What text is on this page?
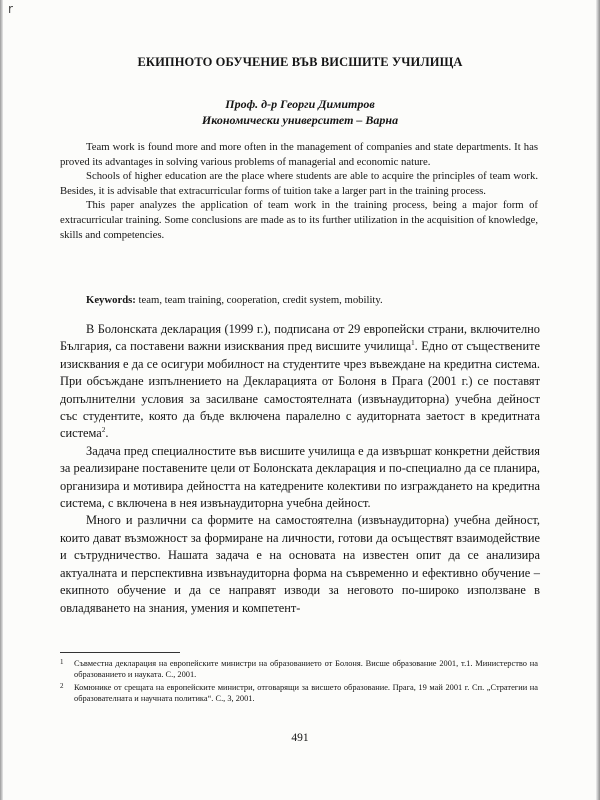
r
ЕКИПНОТО ОБУЧЕНИЕ ВЪВ ВИСШИТЕ УЧИЛИЩА
Проф. д-р Георги Димитров
Икономически университет – Варна

Team work is found more and more often in the management of companies and state departments. It has proved its advantages in solving various problems of managerial and economic nature.

Schools of higher education are the place where students are able to acquire the principles of team work. Besides, it is advisable that extracurricular forms of tuition take a larger part in the training process.

This paper analyzes the application of team work in the training process, being a major form of extracurricular training. Some conclusions are made as to its further utilization in the acquisition of knowledge, skills and competencies.

Keywords: team, team training, cooperation, credit system, mobility.

В Болонската декларация (1999 г.), подписана от 29 европейски страни, включително България, са поставени важни изисквания пред висшите училища$^1$. Едно от съществените изисквания е да се осигури мобилност на студентите чрез въвеждане на кредитна система. При обсъждане изпълнението на Декларацията от Болоня в Прага (2001 г.) се поставят допълнителни условия за засилване самостоятелната (извънаудиторна) учебна дейност със студентите, която да бъде включена паралелно с аудиторната заетост в кредитната система$^2$.

Задача пред специалностите във висшите училища е да извършат конкретни действия за реализиране поставените цели от Болонската декларация и по-специално да се планира, организира и мотивира дейността на катедрените колективи по изграждането на кредитна система, с включена в нея извънаудиторна учебна дейност.

Много и различни са формите на самостоятелна (извънаудиторна) учебна дейност, които дават възможност за формиране на личности, готови да осъществят взаимодействие и сътрудничество. Нашата задача е на основата на известен опит да се анализира актуалната и перспективна извънаудиторна форма на съвременно и ефективно обучение – екипното обучение и да се направят изводи за неговото по-широко използване в овладяването на знания, умения и компетент-

1 Съвместна декларация на европейските министри на образованието от Болоня. Висше образование 2001, т.1. Министерство на образованието и науката. С., 2001.
2 Комюнике от срещата на европейските министри, отговарящи за висшето образование. Прага, 19 май 2001 г. Сп. „Стратегии на образователната и научната политика“. С., 3, 2001.
491
